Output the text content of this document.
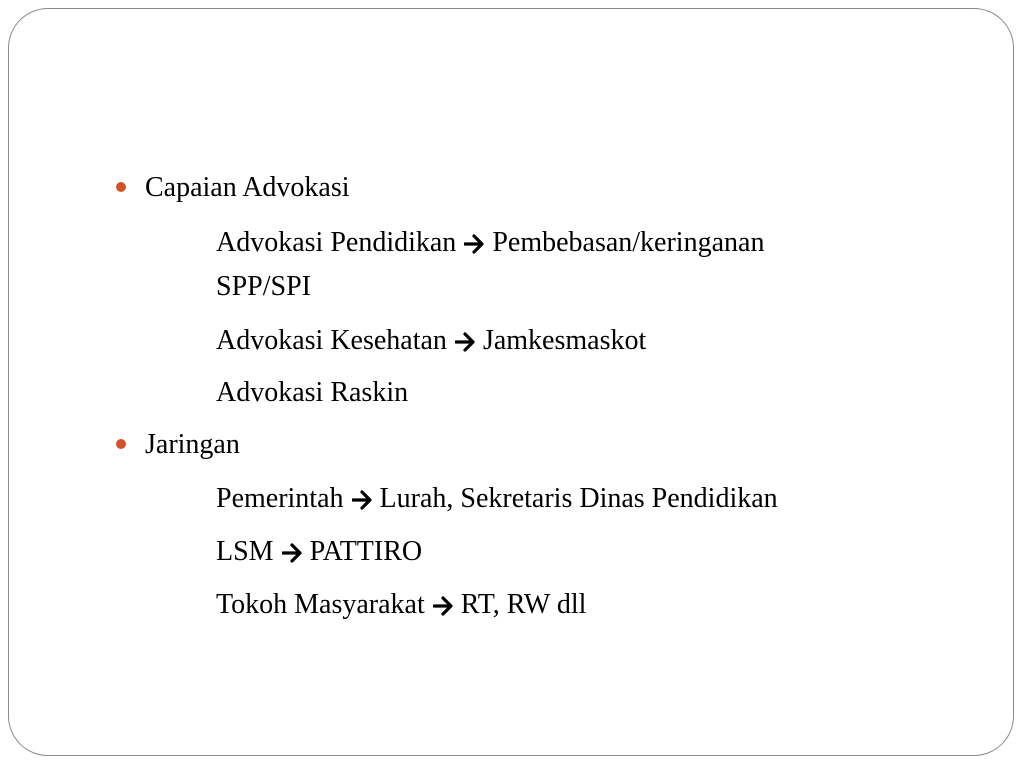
Capaian Advokasi
Advokasi Pendidikan Pembebasan/keringanan
SPP/SPI
Advokasi Kesehatan Jamkesmaskot
Advokasi Raskin
Jaringan
Pemerintah Lurah, Sekretaris Dinas Pendidikan
LSM PATTIRO
Tokoh Masyarakat RT, RW dll
